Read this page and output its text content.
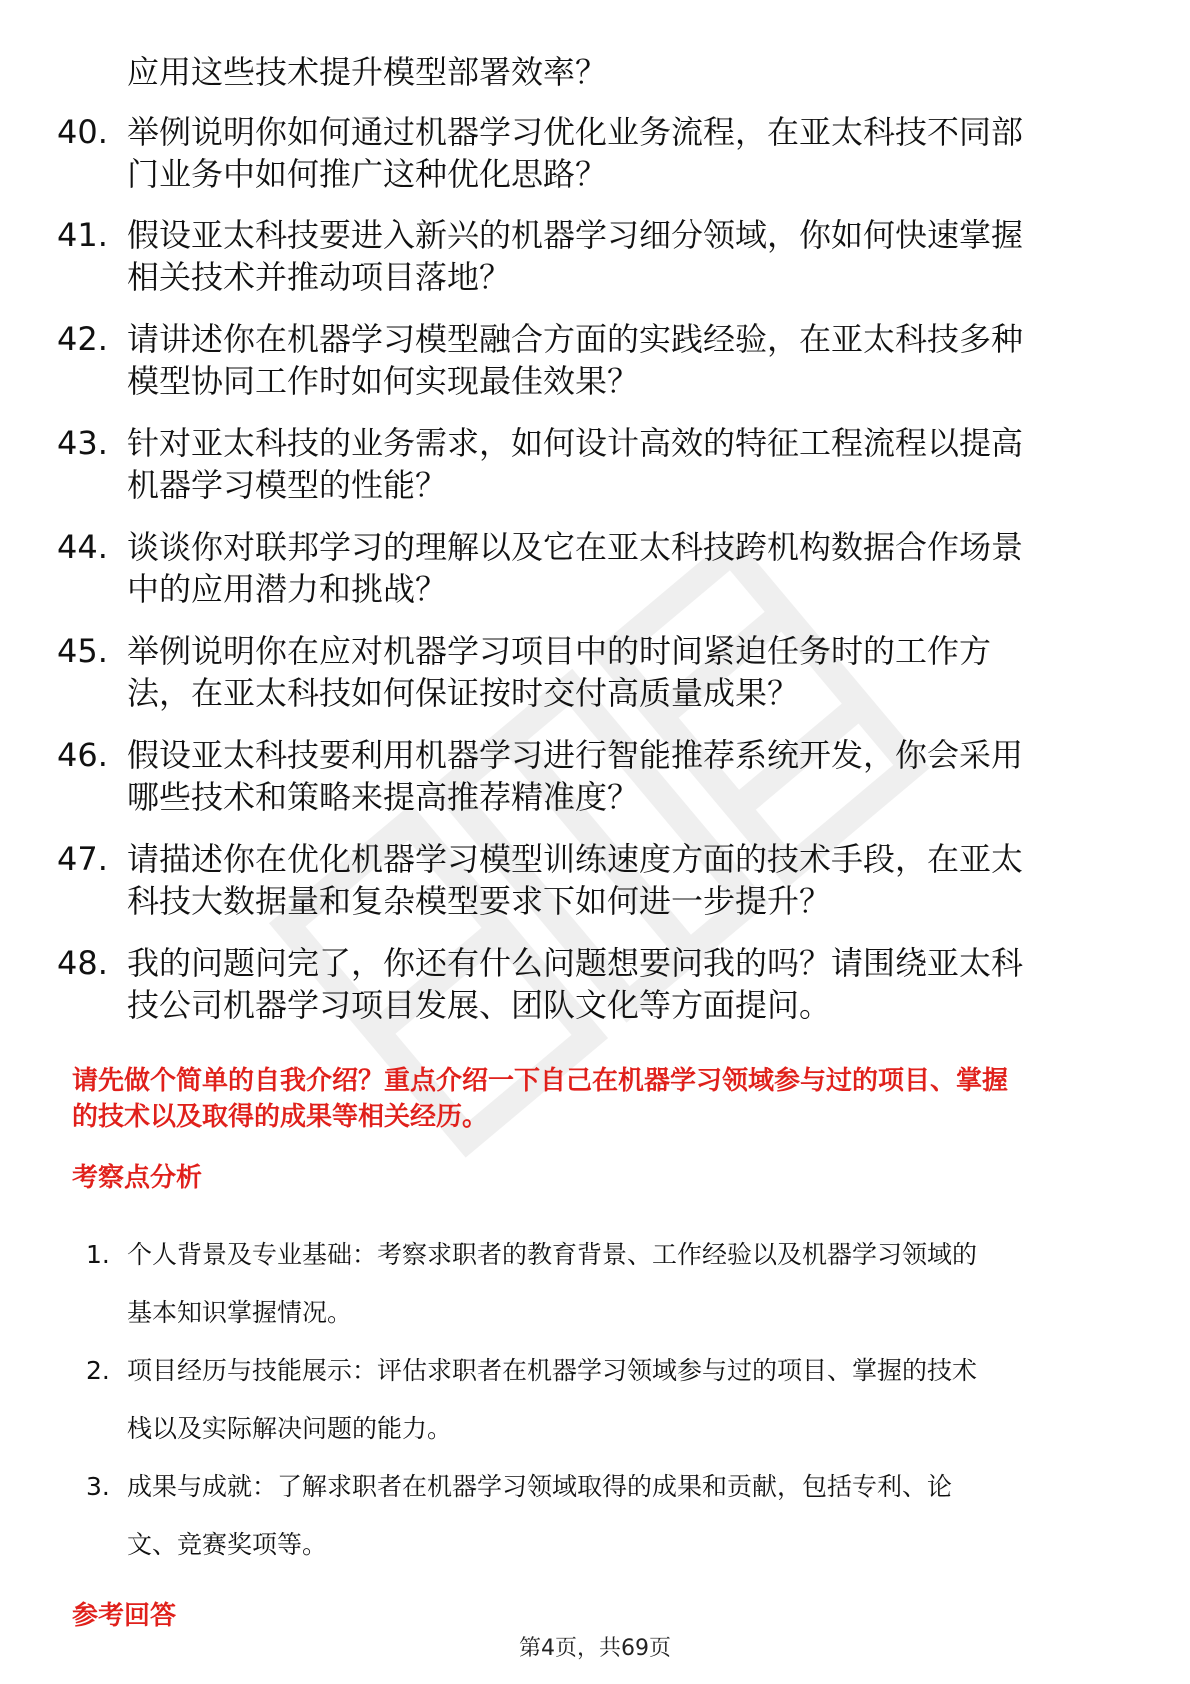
应用这些技术提升模型部署效率？
40. 举例说明你如何通过机器学习优化业务流程，在亚太科技不同部
门业务中如何推广这种优化思路？
41. 假设亚太科技要进入新兴的机器学习细分领域，你如何快速掌握
相关技术并推动项目落地？
42. 请讲述你在机器学习模型融合方面的实践经验，在亚太科技多种
模型协同工作时如何实现最佳效果？
43. 针对亚太科技的业务需求，如何设计高效的特征工程流程以提高
机器学习模型的性能？
44. 谈谈你对联邦学习的理解以及它在亚太科技跨机构数据合作场景
中的应用潜力和挑战？
45. 举例说明你在应对机器学习项目中的时间紧迫任务时的工作方
法，在亚太科技如何保证按时交付高质量成果？
46. 假设亚太科技要利用机器学习进行智能推荐系统开发，你会采用
哪些技术和策略来提高推荐精准度？
47. 请描述你在优化机器学习模型训练速度方面的技术手段，在亚太
科技大数据量和复杂模型要求下如何进一步提升？
48. 我的问题问完了，你还有什么问题想要问我的吗？请围绕亚太科
技公司机器学习项目发展、团队文化等方面提问。
请先做个简单的自我介绍？重点介绍一下自己在机器学习领域参与过的项目、掌握
的技术以及取得的成果等相关经历。
考察点分析
1. 个人背景及专业基础：考察求职者的教育背景、工作经验以及机器学习领域的
基本知识掌握情况。
2. 项目经历与技能展示：评估求职者在机器学习领域参与过的项目、掌握的技术
栈以及实际解决问题的能力。
3. 成果与成就：了解求职者在机器学习领域取得的成果和贡献，包括专利、论
文、竞赛奖项等。
参考回答
第4页，共69页
